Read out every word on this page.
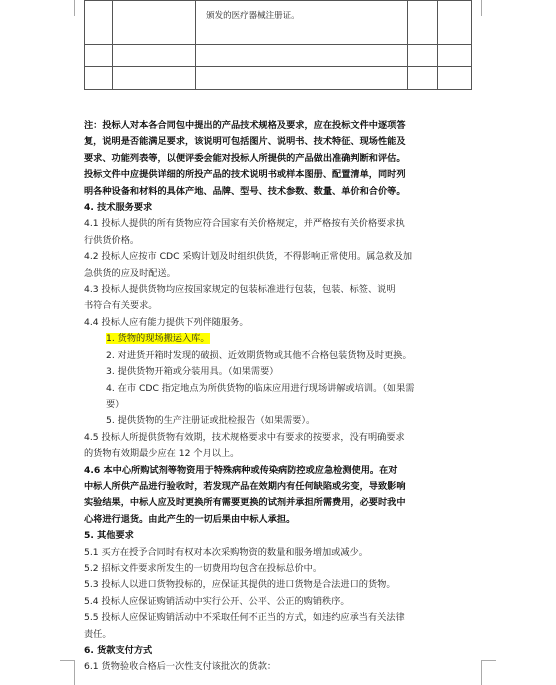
		颁发的医疗器械注册证。		

注：投标人对本各合同包中提出的产品技术规格及要求，应在投标文件中逐项答

复，说明是否能满足要求，该说明可包括图片、说明书、技术特征、现场性能及

要求、功能列表等，以便评委会能对投标人所提供的产品做出准确判断和评估。

投标文件中应提供详细的所投产品的技术说明书或样本图册、配置清单，同时列

明各种设备和材料的具体产地、品牌、型号、技术参数、数量、单价和合价等。

4. 技术服务要求

4.1 投标人提供的所有货物应符合国家有关价格规定，并严格按有关价格要求执

行供货价格。

4.2 投标人应按市 CDC 采购计划及时组织供货，不得影响正常使用。属急救及加

急供货的应及时配送。

4.3 投标人提供货物均应按国家规定的包装标准进行包装，包装、标签、说明

书符合有关要求。

4.4 投标人应有能力提供下列伴随服务。

1. 货物的现场搬运入库。

2. 对进货开箱时发现的破损、近效期货物或其他不合格包装货物及时更换。

3. 提供货物开箱或分装用具。（如果需要）

4. 在市 CDC 指定地点为所供货物的临床应用进行现场讲解或培训。（如果需

要）

5. 提供货物的生产注册证或批检报告（如果需要）。

4.5 投标人所提供货物有效期，技术规格要求中有要求的按要求，没有明确要求

的货物有效期最少应在 12 个月以上。

4.6 本中心所购试剂等物资用于特殊病种或传染病防控或应急检测使用。在对

中标人所供产品进行验收时，若发现产品在效期内有任何缺陷或劣变，导致影响

实验结果，中标人应及时更换所有需要更换的试剂并承担所需费用，必要时我中

心将进行退货。由此产生的一切后果由中标人承担。

5. 其他要求

5.1 买方在授予合同时有权对本次采购物资的数量和服务增加或减少。

5.2 招标文件要求所发生的一切费用均包含在投标总价中。

5.3 投标人以进口货物投标的，应保证其提供的进口货物是合法进口的货物。

5.4 投标人应保证购销活动中实行公开、公平、公正的购销秩序。

5.5 投标人应保证购销活动中不采取任何不正当的方式，如违约应承当有关法律

责任。

6. 货款支付方式

6.1 货物验收合格后一次性支付该批次的货款：
